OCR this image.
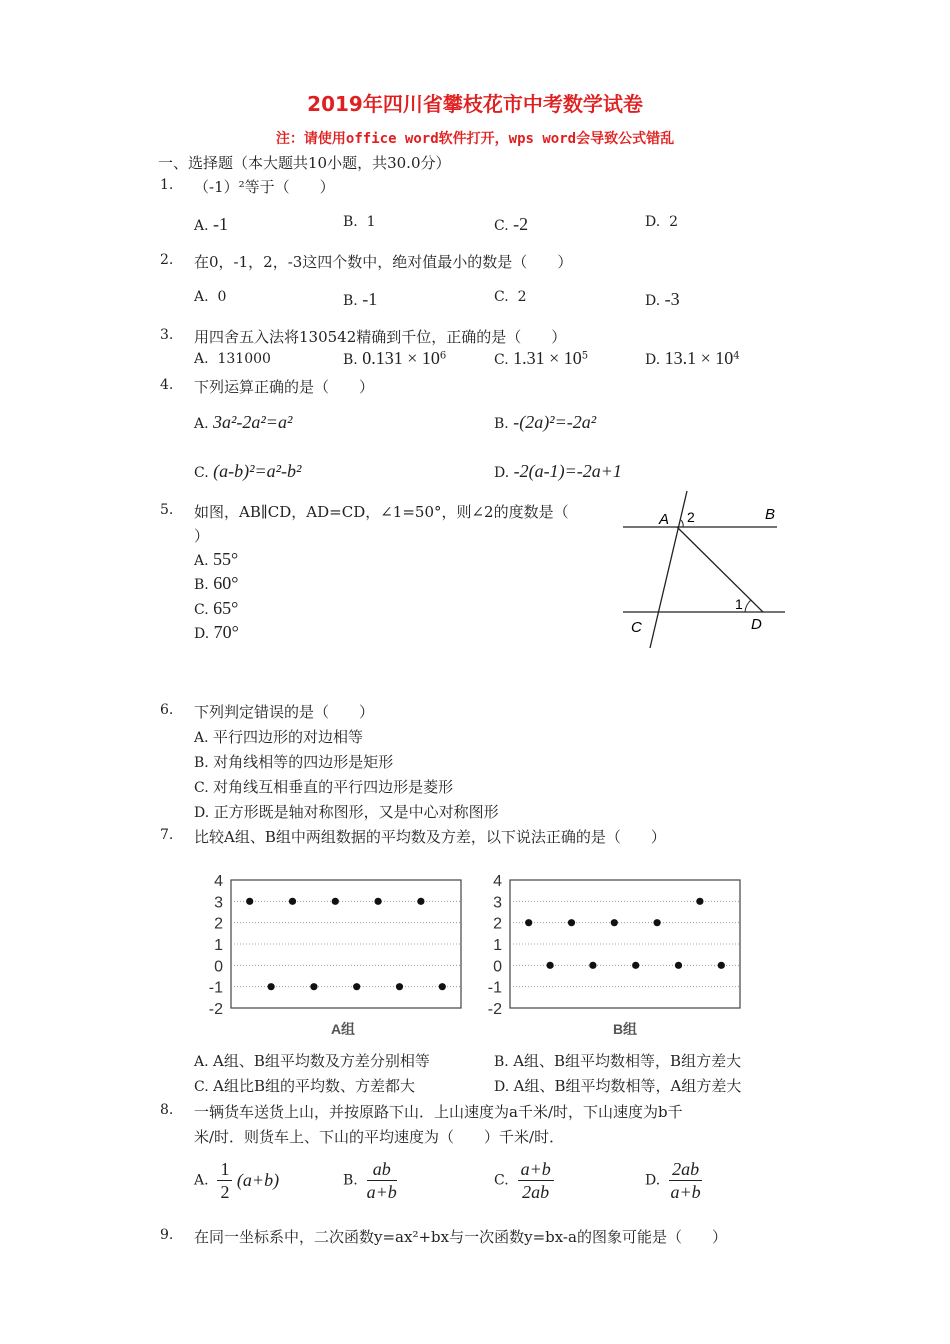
2019年四川省攀枝花市中考数学试卷
注：请使用office word软件打开，wps word会导致公式错乱
一、选择题（本大题共10小题，共30.0分）
1. （-1）²等于（　　）
A. -1	B. 1	C. -2	D. 2
2. 在0，-1，2，-3这四个数中，绝对值最小的数是（　　）
A. 0	B. -1	C. 2	D. -3
3. 用四舍五入法将130542精确到千位，正确的是（　　）
A. 131000	B. $0.131 \times 10^6$	C. $1.31 \times 10^5$	D. $13.1 \times 10^4$
4. 下列运算正确的是（　　）
A. 3a²-2a²=a²	B. -(2a)²=-2a²
C. (a-b)²=a²-b²	D. -2(a-1)=-2a+1
5. 如图，AB∥CD，AD=CD，∠1=50°，则∠2的度数是（
）
A. 55°
B. 60°
C. 65°
D. 70°
A 2	B
C	D
1
6. 下列判定错误的是（　　）
A. 平行四边形的对边相等
B. 对角线相等的四边形是矩形
C. 对角线互相垂直的平行四边形是菱形
D. 正方形既是轴对称图形，又是中心对称图形
7. 比较A组、B组中两组数据的平均数及方差，以下说法正确的是（　　）
4
3
2
1
0
-1
-2
A组
4
3
2
1
0
-1
-2
B组
A. A组、B组平均数及方差分别相等	B. A组、B组平均数相等，B组方差大
C. A组比B组的平均数、方差都大	D. A组、B组平均数相等，A组方差大
8. 一辆货车送货上山，并按原路下山．上山速度为a千米/时，下山速度为b千
米/时．则货车上、下山的平均速度为（　　）千米/时．
A. $\frac{1}{2} (a+b)$	B. $\frac{ab}{a+b}$	C. $\frac{a+b}{2ab}$	D. $\frac{2ab}{a+b}$
9. 在同一坐标系中，二次函数y=ax²+bx与一次函数y=bx-a的图象可能是（　　）
